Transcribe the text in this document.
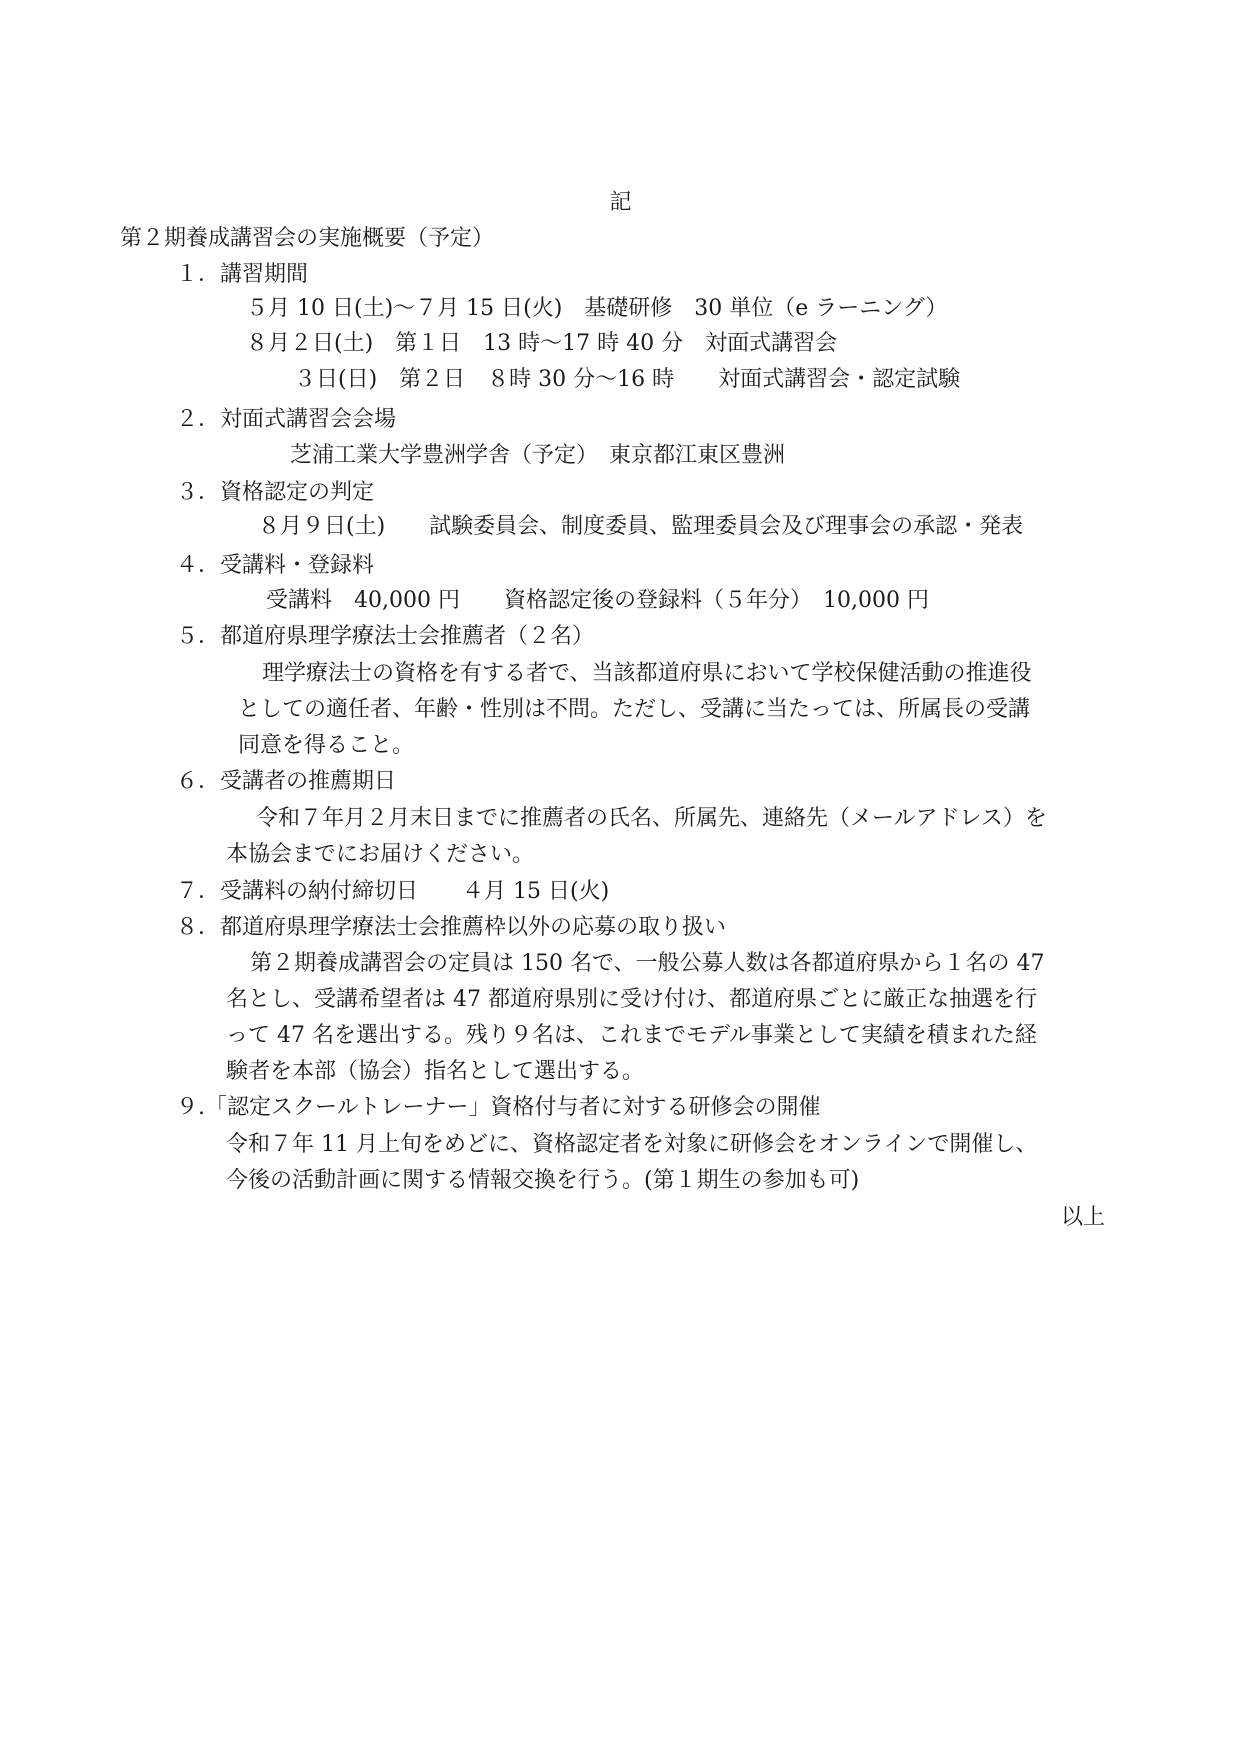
記
第２期養成講習会の実施概要（予定）
１．講習期間
５月 10 日(土)～７月 15 日(火)　基礎研修　30 単位（e ラーニング）
８月２日(土)　第１日　13 時～17 時 40 分　対面式講習会
３日(日)　第２日　８時 30 分～16 時　　対面式講習会・認定試験
２．対面式講習会会場
芝浦工業大学豊洲学舎（予定）　東京都江東区豊洲
３．資格認定の判定
８月９日(土)　　試験委員会、制度委員、監理委員会及び理事会の承認・発表
４．受講料・登録料
受講料　40,000 円　　資格認定後の登録料（５年分）　10,000 円
５．都道府県理学療法士会推薦者（２名）
理学療法士の資格を有する者で、当該都道府県において学校保健活動の推進役
としての適任者、年齢・性別は不問。ただし、受講に当たっては、所属長の受講
同意を得ること。
６．受講者の推薦期日
令和７年月２月末日までに推薦者の氏名、所属先、連絡先（メールアドレス）を
本協会までにお届けください。
７．受講料の納付締切日　　４月 15 日(火)
８．都道府県理学療法士会推薦枠以外の応募の取り扱い
第２期養成講習会の定員は 150 名で、一般公募人数は各都道府県から１名の 47
名とし、受講希望者は 47 都道府県別に受け付け、都道府県ごとに厳正な抽選を行
って 47 名を選出する。残り９名は、これまでモデル事業として実績を積まれた経
験者を本部（協会）指名として選出する。
９.「認定スクールトレーナー」資格付与者に対する研修会の開催
令和７年 11 月上旬をめどに、資格認定者を対象に研修会をオンラインで開催し、
今後の活動計画に関する情報交換を行う。(第１期生の参加も可)
以上
